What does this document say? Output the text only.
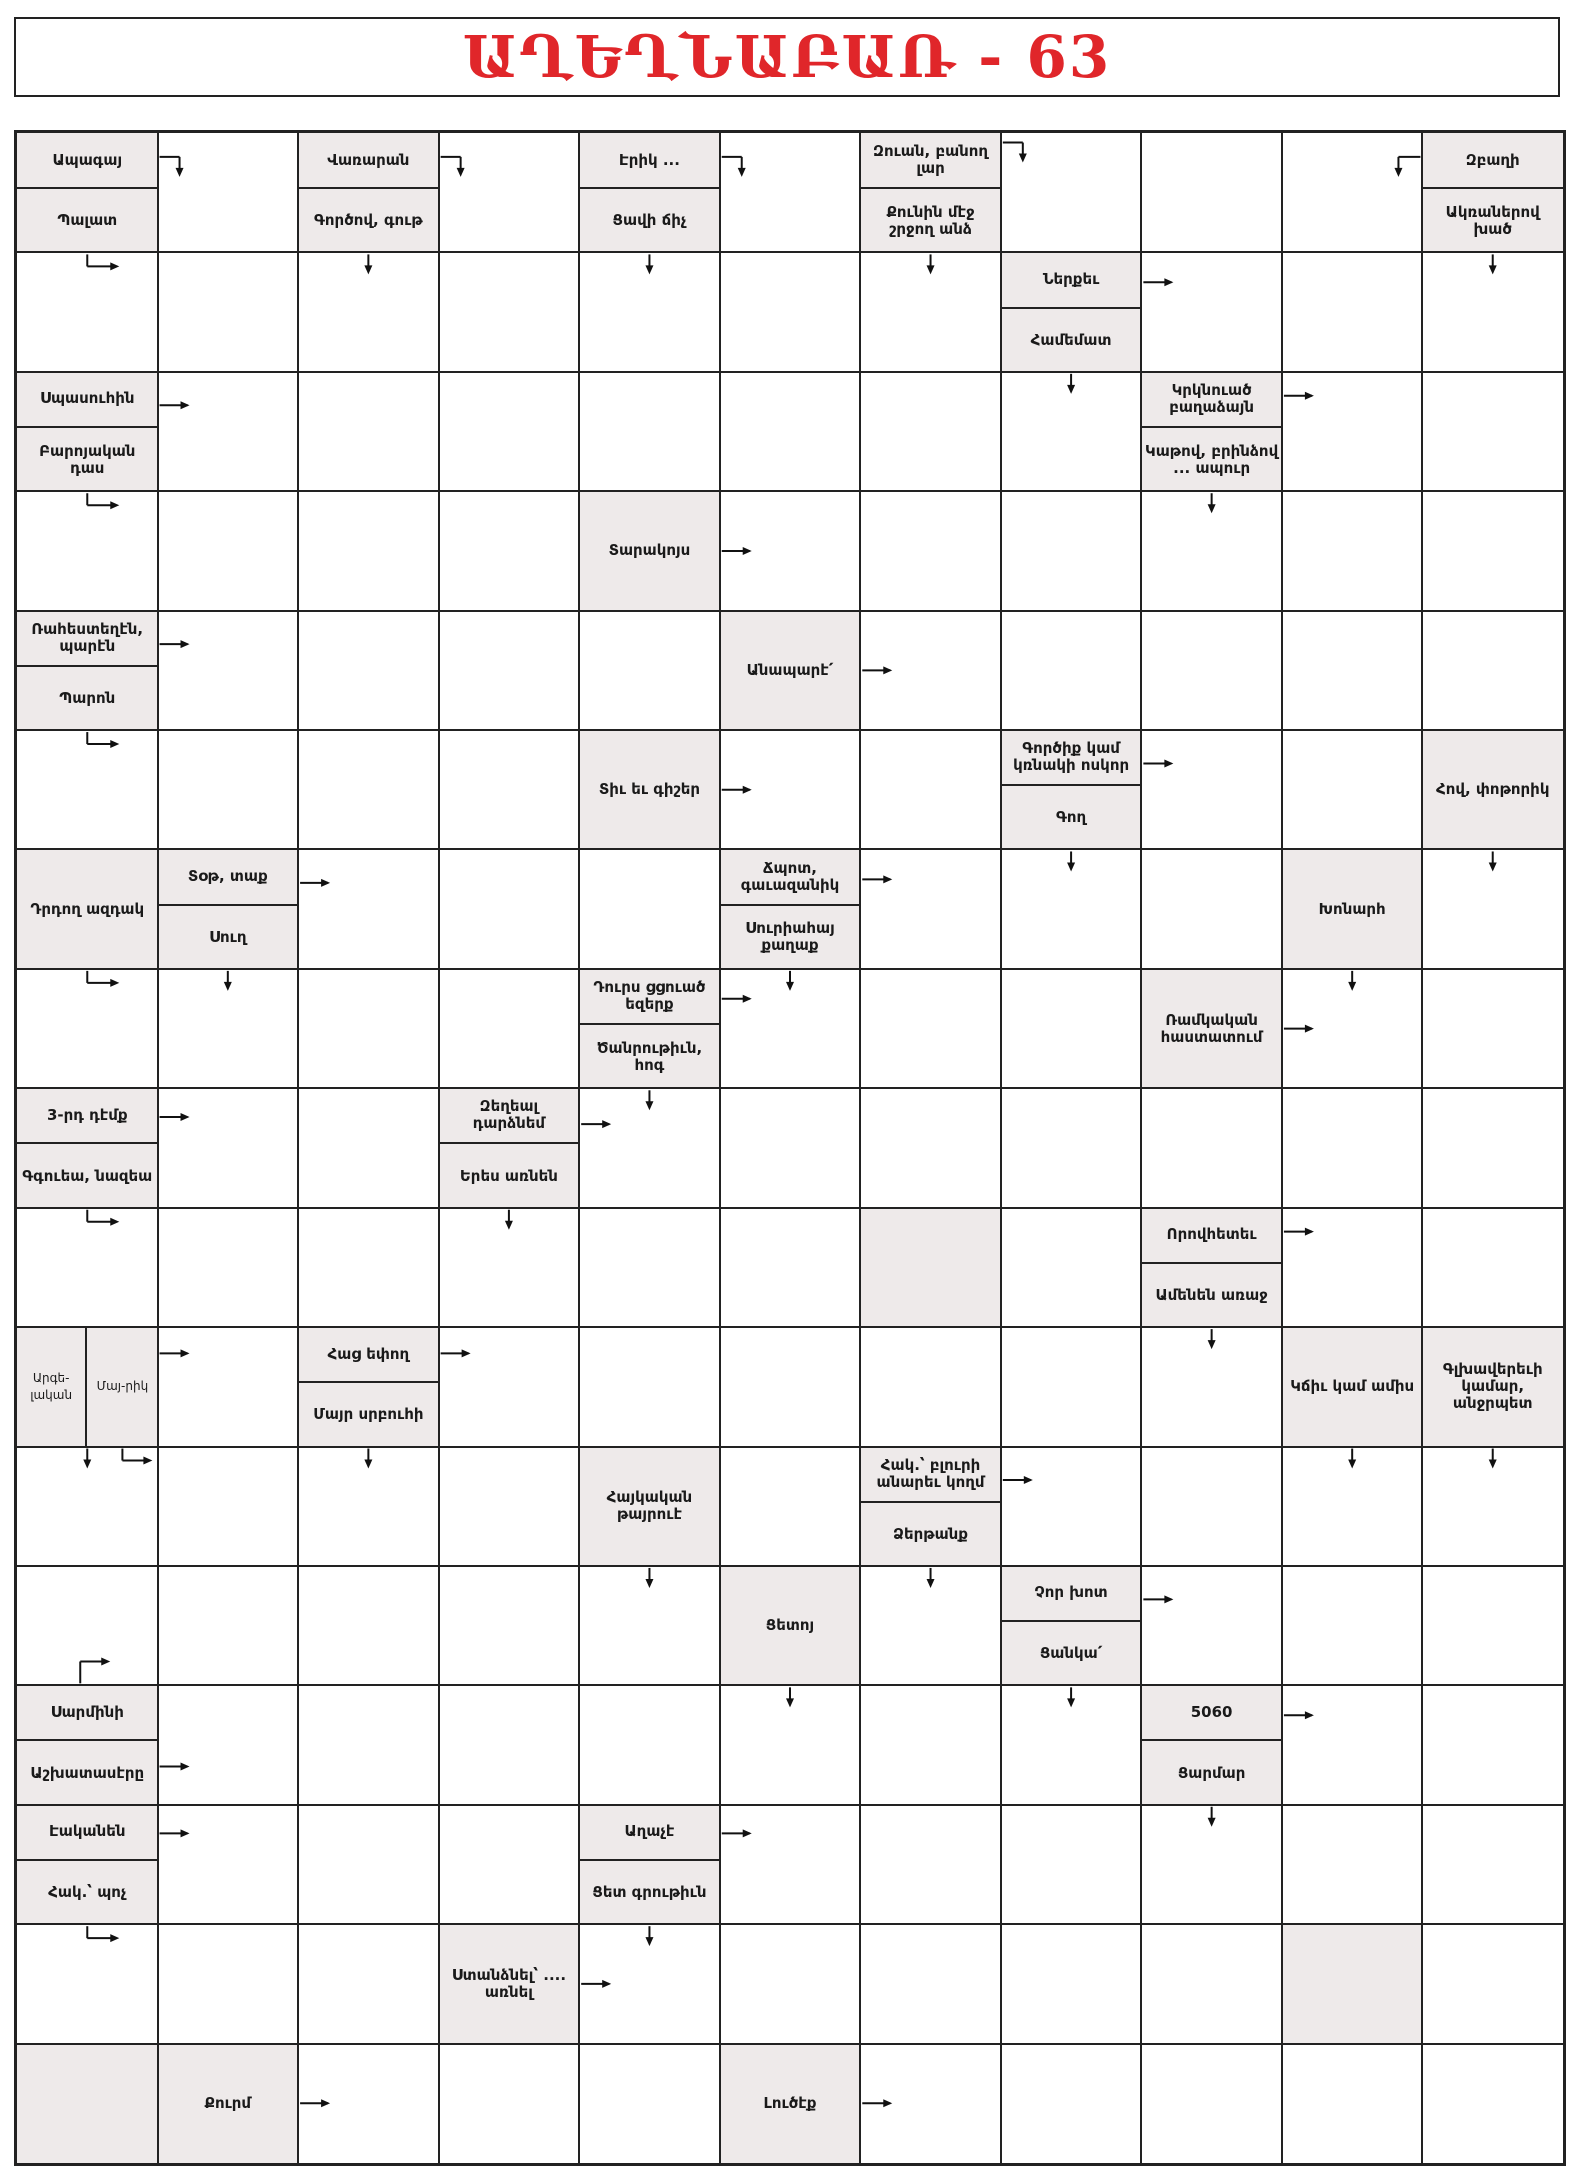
ԱՂԵՂՆԱԲԱՌ - 63
Ապագայ
Պալատ
Վառարան
Գործով, գութ
Էրիկ ...
Ցավի ճիչ
Զուան, բանող լար
Քունին մէջ շրջող անձ
Զբաղի
Ակռաներով խած
Ներքեւ
Համեմատ
Սպասուհին
Բարոյական դաս
Կրկնուած բաղաձայն
Կաթով, բրինձով ... ապուր
Տարակոյս
Ռահեստեղէն, պարէն
Պարոն
Անապարէ՛
Տիւ եւ գիշեր
Գործիք կամ կռնակի ոսկոր
Գող
Հով, փոթորիկ
Դրդող ազդակ
Տօթ, տաք
Սուղ
Ճպոտ, գաւազանիկ
Սուրիահայ քաղաք
Խոնարհ
Դուրս ցցուած եզերք
Ծանրութիւն, հոգ
Ռամկական հաստատում
3-րդ դէմք
Գգուեա, նազեա
Զեղեալ դարձնեմ
Երես առնեն
Որովհետեւ
Ամենեն առաջ
Արգե-լական
Մայ-րիկ
Հաց եփող
Մայր սրբուհի
Կճիւ կամ ամիս
Գլխավերեւի կամար, անջրպետ
Հայկական թայրուէ
Հակ.՝ բլուրի անարեւ կողմ
Ձերթանք
Ցետոյ
Չոր խոտ
Ցանկա՛
Սարմինի
Աշխատասէրը
5060
Ցարմար
Էականեն
Հակ.՝ պոչ
Աղաչէ
Ցետ գրութիւն
Ստանձնել՝ .... առնել
Քուրմ	Լուծէք
